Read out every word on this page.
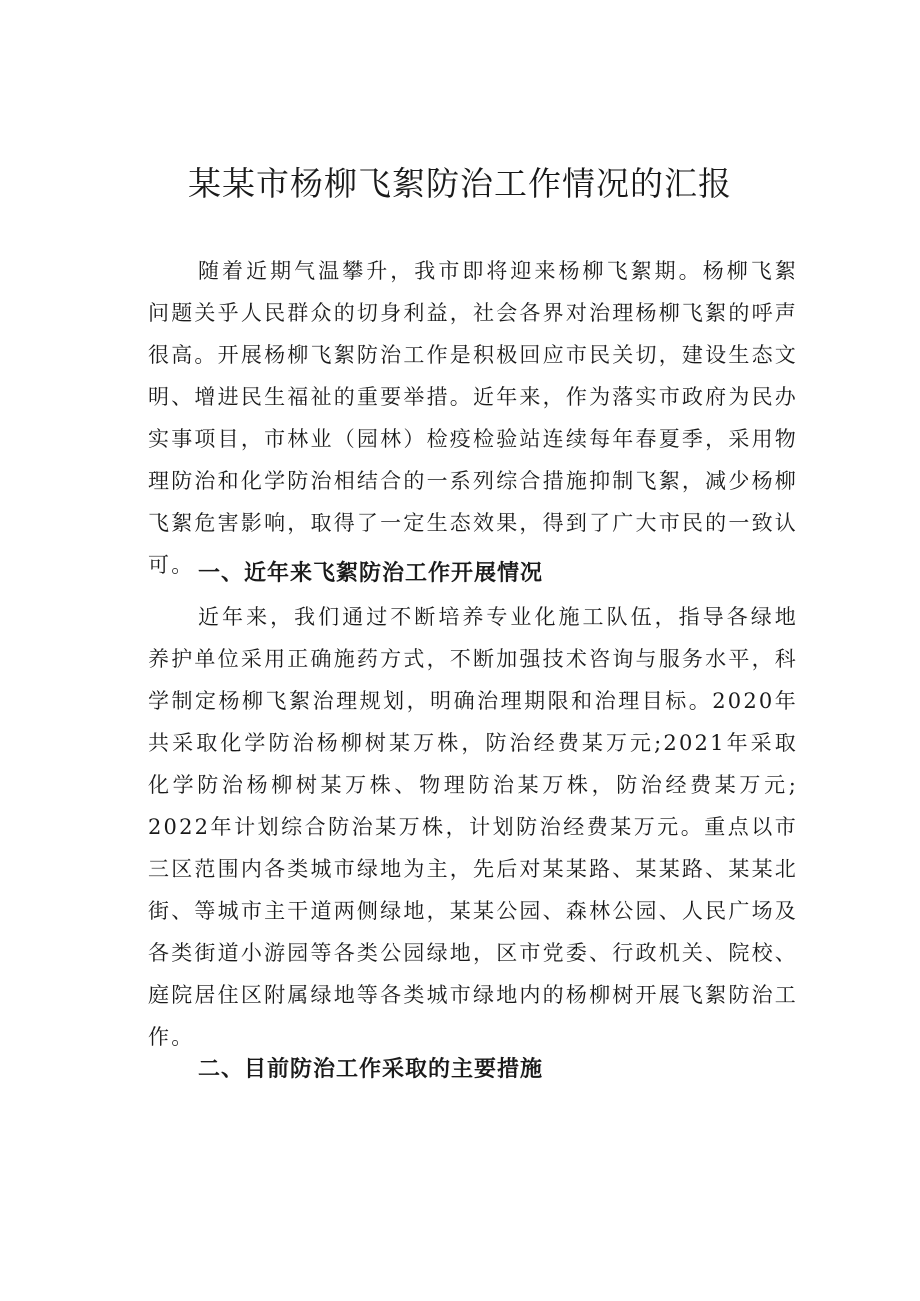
某某市杨柳飞絮防治工作情况的汇报

随着近期气温攀升，我市即将迎来杨柳飞絮期。杨柳飞絮问题关乎人民群众的切身利益，社会各界对治理杨柳飞絮的呼声很高。开展杨柳飞絮防治工作是积极回应市民关切，建设生态文明、增进民生福祉的重要举措。近年来，作为落实市政府为民办实事项目，市林业（园林）检疫检验站连续每年春夏季，采用物理防治和化学防治相结合的一系列综合措施抑制飞絮，减少杨柳飞絮危害影响，取得了一定生态效果，得到了广大市民的一致认可。 一、近年来飞絮防治工作开展情况

近年来，我们通过不断培养专业化施工队伍，指导各绿地养护单位采用正确施药方式，不断加强技术咨询与服务水平，科学制定杨柳飞絮治理规划，明确治理期限和治理目标。2020年共采取化学防治杨柳树某万株，防治经费某万元;2021年采取化学防治杨柳树某万株、物理防治某万株，防治经费某万元; 2022年计划综合防治某万株，计划防治经费某万元。重点以市三区范围内各类城市绿地为主，先后对某某路、某某路、某某北街、等城市主干道两侧绿地，某某公园、森林公园、人民广场及各类街道小游园等各类公园绿地，区市党委、行政机关、院校、庭院居住区附属绿地等各类城市绿地内的杨柳树开展飞絮防治工作。

二、目前防治工作采取的主要措施
